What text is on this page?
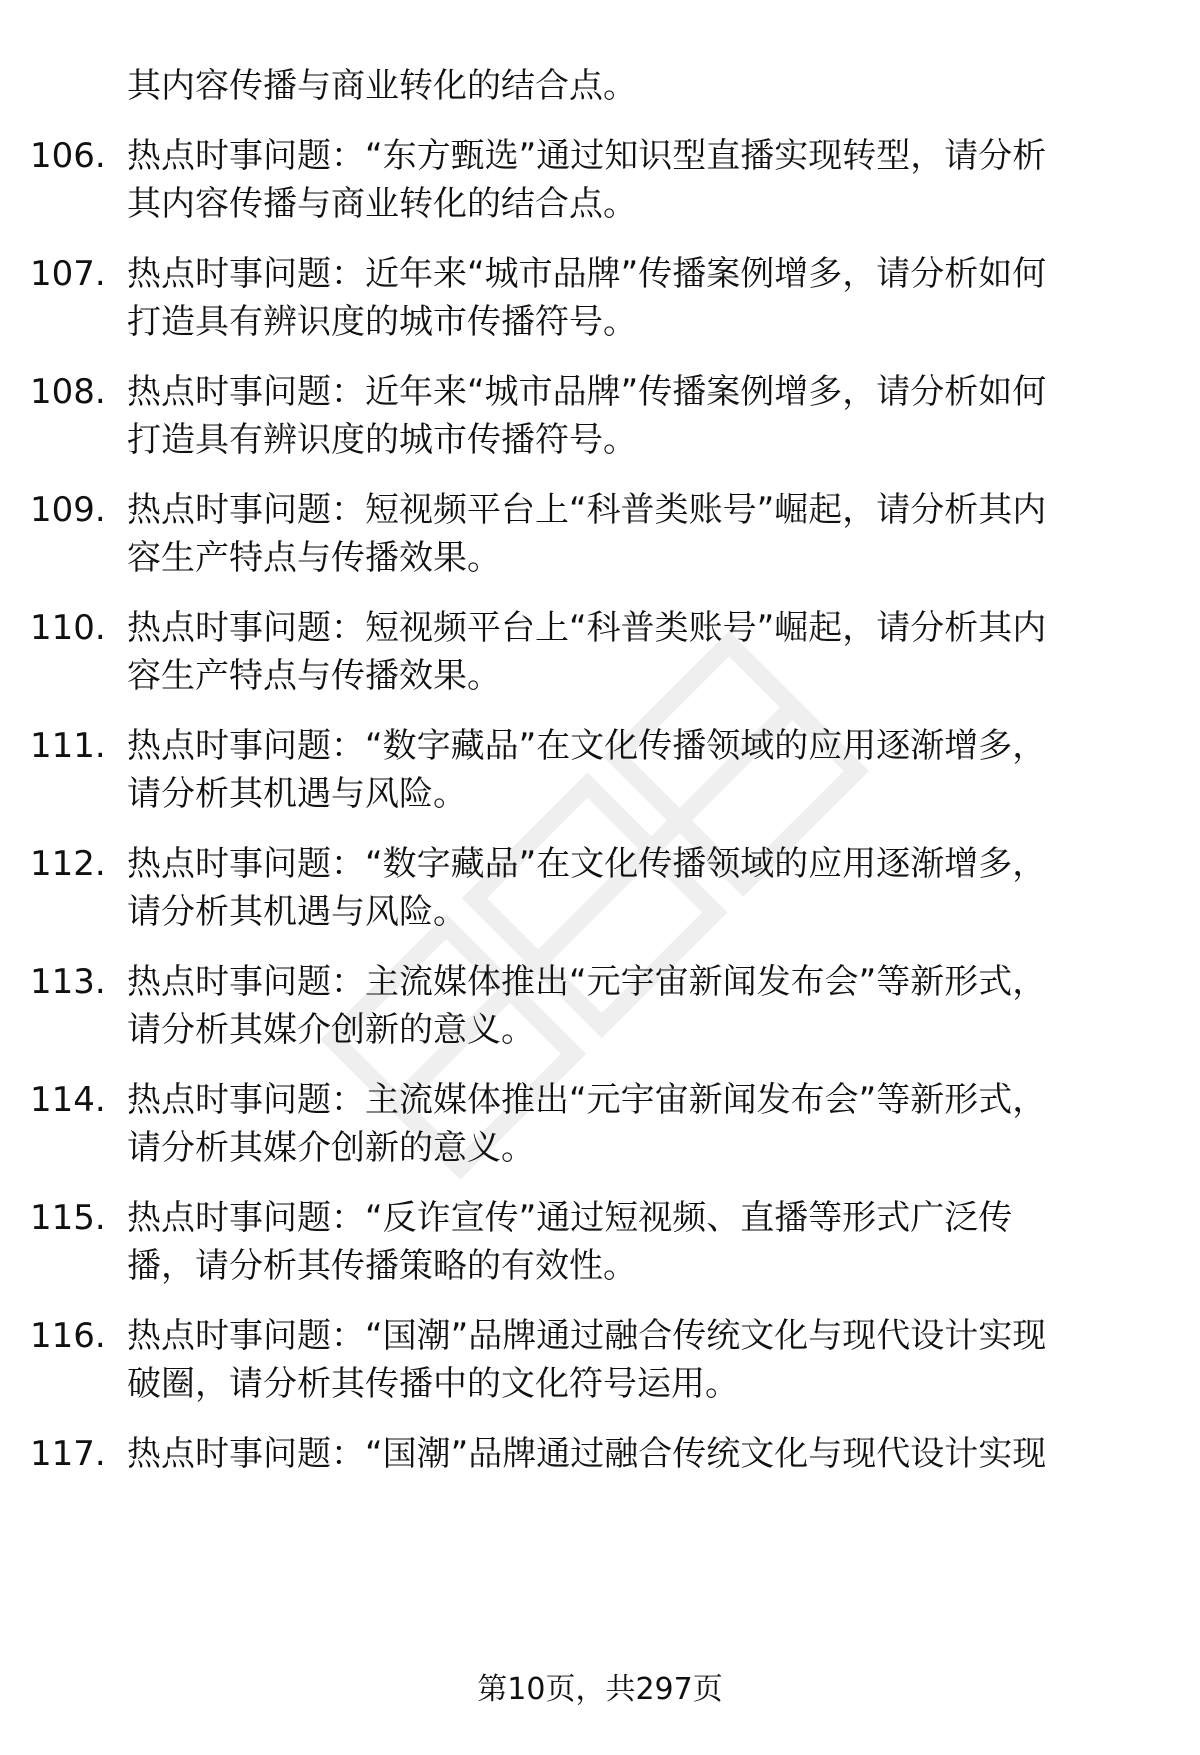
其内容传播与商业转化的结合点。

106. 热点时事问题：“东方甄选”通过知识型直播实现转型，请分析
其内容传播与商业转化的结合点。
107. 热点时事问题：近年来“城市品牌”传播案例增多，请分析如何
打造具有辨识度的城市传播符号。
108. 热点时事问题：近年来“城市品牌”传播案例增多，请分析如何
打造具有辨识度的城市传播符号。
109. 热点时事问题：短视频平台上“科普类账号”崛起，请分析其内
容生产特点与传播效果。
110. 热点时事问题：短视频平台上“科普类账号”崛起，请分析其内
容生产特点与传播效果。
111. 热点时事问题：“数字藏品”在文化传播领域的应用逐渐增多，
请分析其机遇与风险。
112. 热点时事问题：“数字藏品”在文化传播领域的应用逐渐增多，
请分析其机遇与风险。
113. 热点时事问题：主流媒体推出“元宇宙新闻发布会”等新形式，
请分析其媒介创新的意义。
114. 热点时事问题：主流媒体推出“元宇宙新闻发布会”等新形式，
请分析其媒介创新的意义。
115. 热点时事问题：“反诈宣传”通过短视频、直播等形式广泛传
播，请分析其传播策略的有效性。
116. 热点时事问题：“国潮”品牌通过融合传统文化与现代设计实现
破圈，请分析其传播中的文化符号运用。
117. 热点时事问题：“国潮”品牌通过融合传统文化与现代设计实现
第10页，共297页
